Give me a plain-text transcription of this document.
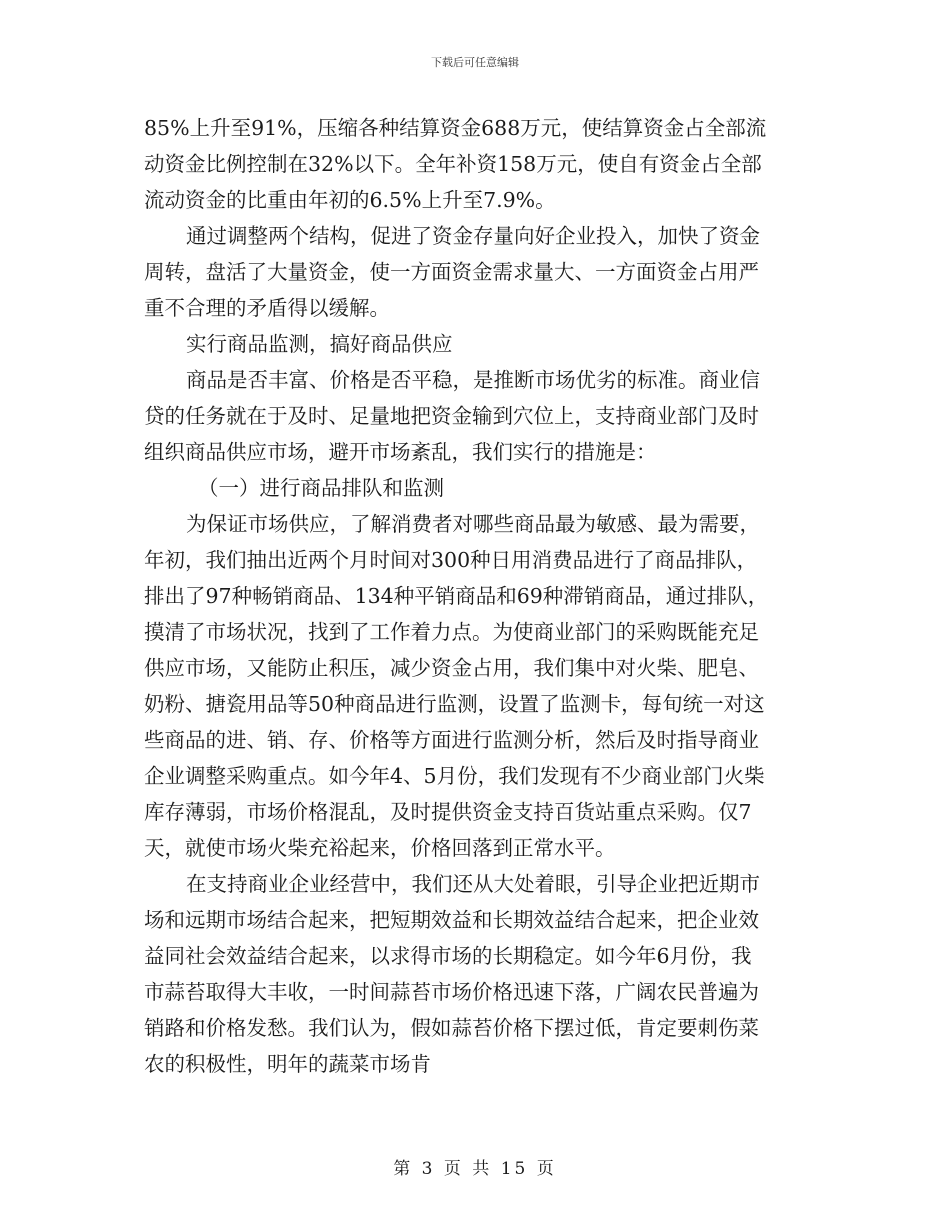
下载后可任意编辑

85%上升至91%，压缩各种结算资金688万元，使结算资金占全部流

动资金比例控制在32%以下。全年补资158万元，使自有资金占全部

流动资金的比重由年初的6.5%上升至7.9%。

通过调整两个结构，促进了资金存量向好企业投入，加快了资金

周转，盘活了大量资金，使一方面资金需求量大、一方面资金占用严

重不合理的矛盾得以缓解。

实行商品监测，搞好商品供应

商品是否丰富、价格是否平稳，是推断市场优劣的标准。商业信

贷的任务就在于及时、足量地把资金输到穴位上，支持商业部门及时

组织商品供应市场，避开市场紊乱，我们实行的措施是：

（一）进行商品排队和监测

为保证市场供应，了解消费者对哪些商品最为敏感、最为需要，

年初，我们抽出近两个月时间对300种日用消费品进行了商品排队，

排出了97种畅销商品、134种平销商品和69种滞销商品，通过排队，

摸清了市场状况，找到了工作着力点。为使商业部门的采购既能充足

供应市场，又能防止积压，减少资金占用，我们集中对火柴、肥皂、

奶粉、搪瓷用品等50种商品进行监测，设置了监测卡，每旬统一对这

些商品的进、销、存、价格等方面进行监测分析，然后及时指导商业

企业调整采购重点。如今年4、5月份，我们发现有不少商业部门火柴

库存薄弱，市场价格混乱，及时提供资金支持百货站重点采购。仅7

天，就使市场火柴充裕起来，价格回落到正常水平。

在支持商业企业经营中，我们还从大处着眼，引导企业把近期市

场和远期市场结合起来，把短期效益和长期效益结合起来，把企业效

益同社会效益结合起来，以求得市场的长期稳定。如今年6月份，我

市蒜苔取得大丰收，一时间蒜苔市场价格迅速下落，广阔农民普遍为

销路和价格发愁。我们认为，假如蒜苔价格下摆过低，肯定要刺伤菜

农的积极性，明年的蔬菜市场肯

第 3 页 共 15 页
